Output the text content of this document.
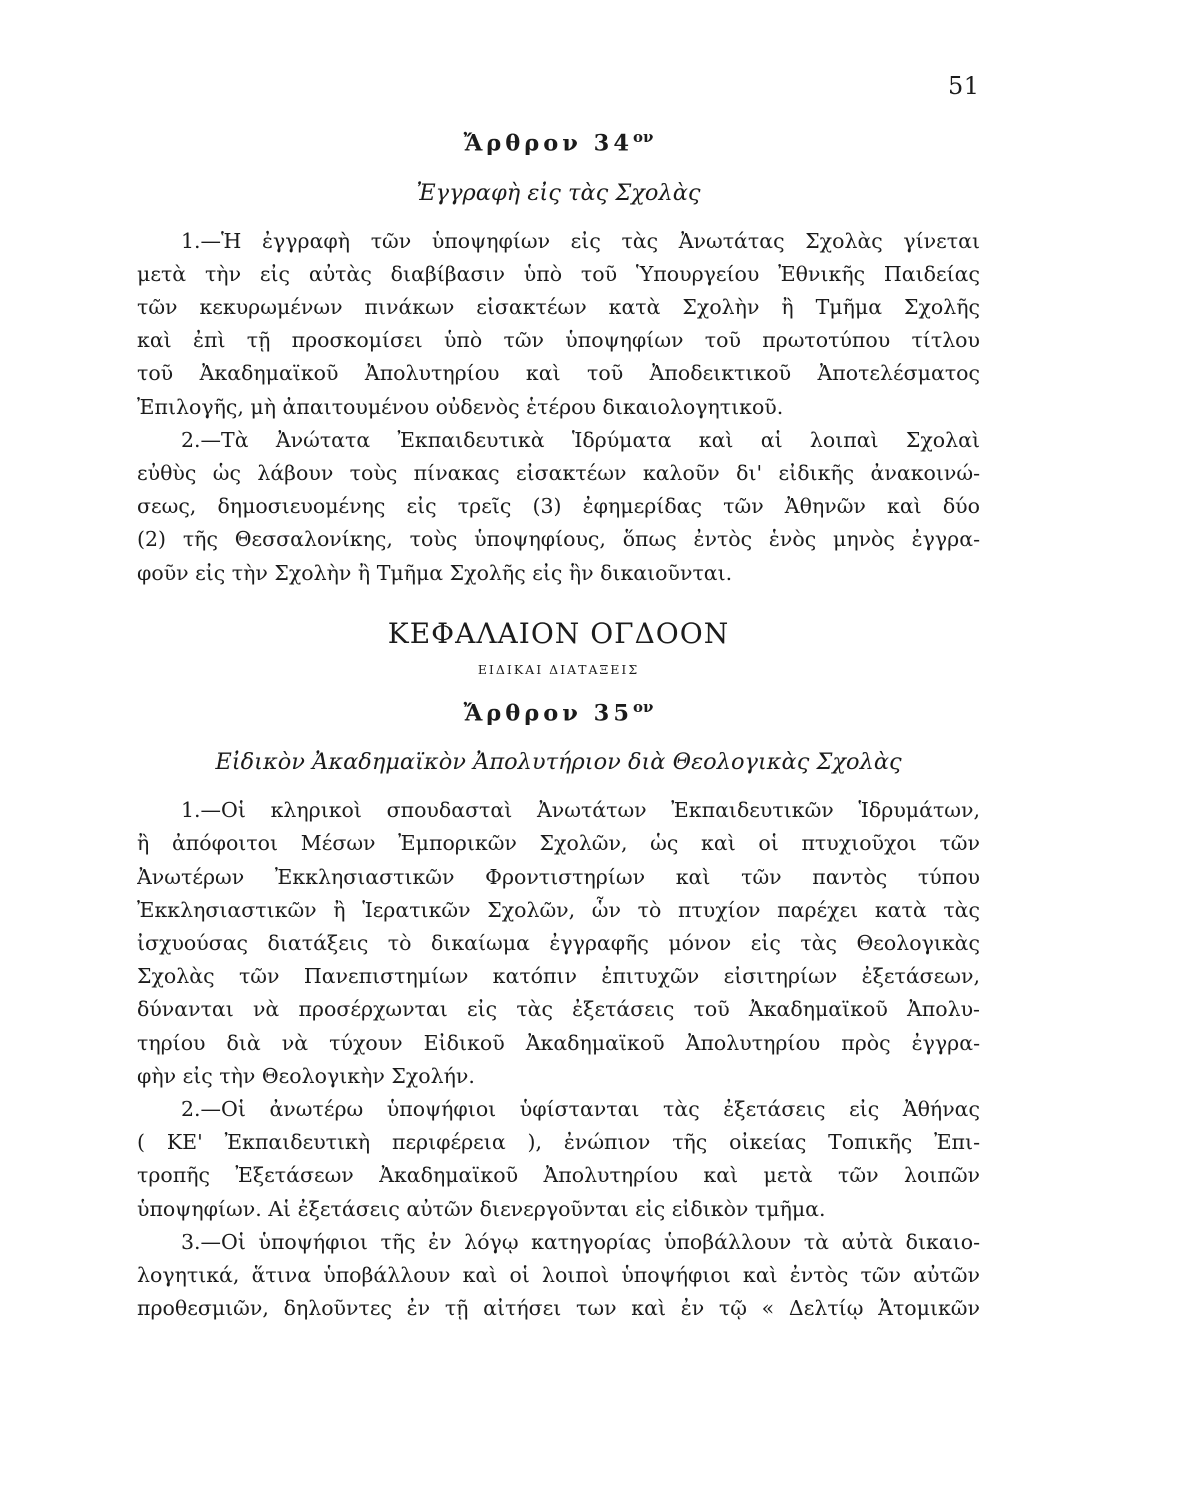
51
Ἄρθρον $34^{o\nu}$
Ἐγγραφὴ εἰς τὰς Σχολὰς

1.—Ἡ ἐγγραφὴ τῶν ὑποψηφίων εἰς τὰς Ἀνωτάτας Σχολὰς γίνεται
μετὰ τὴν εἰς αὐτὰς διαβίβασιν ὑπὸ τοῦ Ὑπουργείου Ἐθνικῆς Παιδείας
τῶν κεκυρωμένων πινάκων εἰσακτέων κατὰ Σχολὴν ἢ Τμῆμα Σχολῆς
καὶ ἐπὶ τῇ προσκομίσει ὑπὸ τῶν ὑποψηφίων τοῦ πρωτοτύπου τίτλου
τοῦ Ἀκαδημαϊκοῦ Ἀπολυτηρίου καὶ τοῦ Ἀποδεικτικοῦ Ἀποτελέσματος
Ἐπιλογῆς, μὴ ἀπαιτουμένου οὐδενὸς ἑτέρου δικαιολογητικοῦ.

2.—Τὰ Ἀνώτατα Ἐκπαιδευτικὰ Ἱδρύματα καὶ αἱ λοιπαὶ Σχολαὶ
εὐθὺς ὡς λάβουν τοὺς πίνακας εἰσακτέων καλοῦν δι' εἰδικῆς ἀνακοινώ-
σεως, δημοσιευομένης εἰς τρεῖς (3) ἐφημερίδας τῶν Ἀθηνῶν καὶ δύο
(2) τῆς Θεσσαλονίκης, τοὺς ὑποψηφίους, ὅπως ἐντὸς ἑνὸς μηνὸς ἐγγρα-
φοῦν εἰς τὴν Σχολὴν ἢ Τμῆμα Σχολῆς εἰς ἣν δικαιοῦνται.

ΚΕΦΑΛΑΙΟΝ ΟΓΔΟΟΝ
ΕΙΔΙΚΑΙ ΔΙΑΤΑΞΕΙΣ
Ἄρθρον $35^{o\nu}$
Εἰδικὸν Ἀκαδημαϊκὸν Ἀπολυτήριον διὰ Θεολογικὰς Σχολὰς

1.—Οἱ κληρικοὶ σπουδασταὶ Ἀνωτάτων Ἐκπαιδευτικῶν Ἱδρυμάτων,
ἢ ἀπόφοιτοι Μέσων Ἐμπορικῶν Σχολῶν, ὡς καὶ οἱ πτυχιοῦχοι τῶν
Ἀνωτέρων Ἐκκλησιαστικῶν Φροντιστηρίων καὶ τῶν παντὸς τύπου
Ἐκκλησιαστικῶν ἢ Ἱερατικῶν Σχολῶν, ὧν τὸ πτυχίον παρέχει κατὰ τὰς
ἰσχυούσας διατάξεις τὸ δικαίωμα ἐγγραφῆς μόνον εἰς τὰς Θεολογικὰς
Σχολὰς τῶν Πανεπιστημίων κατόπιν ἐπιτυχῶν εἰσιτηρίων ἐξετάσεων,
δύνανται νὰ προσέρχωνται εἰς τὰς ἐξετάσεις τοῦ Ἀκαδημαϊκοῦ Ἀπολυ-
τηρίου διὰ νὰ τύχουν Εἰδικοῦ Ἀκαδημαϊκοῦ Ἀπολυτηρίου πρὸς ἐγγρα-
φὴν εἰς τὴν Θεολογικὴν Σχολήν.

2.—Οἱ ἀνωτέρω ὑποψήφιοι ὑφίστανται τὰς ἐξετάσεις εἰς Ἀθήνας
( ΚΕ' Ἐκπαιδευτικὴ περιφέρεια ), ἐνώπιον τῆς οἰκείας Τοπικῆς Ἐπι-
τροπῆς Ἐξετάσεων Ἀκαδημαϊκοῦ Ἀπολυτηρίου καὶ μετὰ τῶν λοιπῶν
ὑποψηφίων. Αἱ ἐξετάσεις αὐτῶν διενεργοῦνται εἰς εἰδικὸν τμῆμα.

3.—Οἱ ὑποψήφιοι τῆς ἐν λόγῳ κατηγορίας ὑποβάλλουν τὰ αὐτὰ δικαιο-
λογητικά, ἅτινα ὑποβάλλουν καὶ οἱ λοιποὶ ὑποψήφιοι καὶ ἐντὸς τῶν αὐτῶν
προθεσμιῶν, δηλοῦντες ἐν τῇ αἰτήσει των καὶ ἐν τῷ « Δελτίῳ Ἀτομικῶν
